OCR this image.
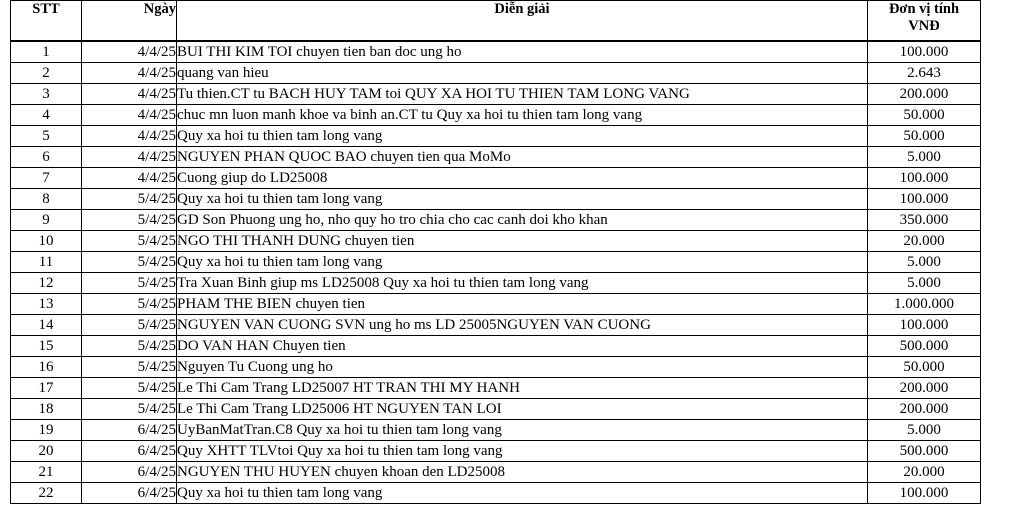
STT	Ngày	Diễn giải	Đơn vị tính
VNĐ

1	4/4/25	BUI THI KIM TOI chuyen tien ban doc ung ho	100.000
2	4/4/25	quang van hieu	2.643
3	4/4/25	Tu thien.CT tu BACH HUY TAM toi QUY XA HOI TU THIEN TAM LONG VANG	200.000
4	4/4/25	chuc mn luon manh khoe va binh an.CT tu Quy xa hoi tu thien tam long vang	50.000
5	4/4/25	Quy xa hoi tu thien tam long vang	50.000
6	4/4/25	NGUYEN PHAN QUOC BAO chuyen tien qua MoMo	5.000
7	4/4/25	Cuong giup do LD25008	100.000
8	5/4/25	Quy xa hoi tu thien tam long vang	100.000
9	5/4/25	GD Son Phuong ung ho, nho quy ho tro chia cho cac canh doi kho khan	350.000
10	5/4/25	NGO THI THANH DUNG chuyen tien	20.000
11	5/4/25	Quy xa hoi tu thien tam long vang	5.000
12	5/4/25	Tra Xuan Binh giup ms LD25008 Quy xa hoi tu thien tam long vang	5.000
13	5/4/25	PHAM THE BIEN chuyen tien	1.000.000
14	5/4/25	NGUYEN VAN CUONG SVN ung ho ms LD 25005NGUYEN VAN CUONG	100.000
15	5/4/25	DO VAN HAN Chuyen tien	500.000
16	5/4/25	Nguyen Tu Cuong ung ho	50.000
17	5/4/25	Le Thi Cam Trang LD25007 HT TRAN THI MY HANH	200.000
18	5/4/25	Le Thi Cam Trang LD25006 HT NGUYEN TAN LOI	200.000
19	6/4/25	UyBanMatTran.C8 Quy xa hoi tu thien tam long vang	5.000
20	6/4/25	Quy XHTT TLVtoi Quy xa hoi tu thien tam long vang	500.000
21	6/4/25	NGUYEN THU HUYEN chuyen khoan den LD25008	20.000
22	6/4/25	Quy xa hoi tu thien tam long vang	100.000
